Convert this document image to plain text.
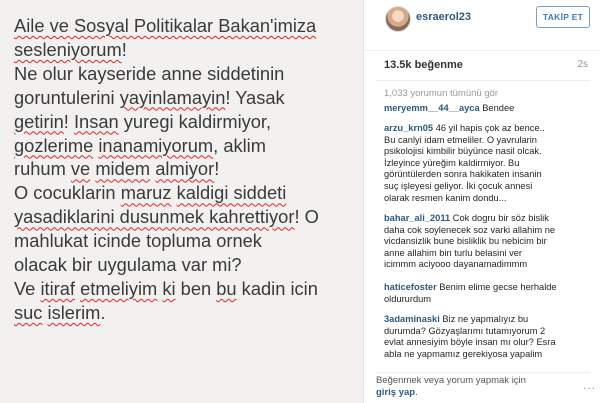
Aile ve Sosyal Politikalar Bakan'imiza
sesleniyorum!
Ne olur kayseride anne siddetinin
goruntulerini yayinlamayin! Yasak
getirin! Insan yuregi kaldirmiyor,
gozlerime inanamiyorum, aklim
ruhum ve midem almiyor!
O cocuklarin maruz kaldigi siddeti
yasadiklarini dusunmek kahrettiyor! O
mahlukat icinde topluma ornek
olacak bir uygulama var mi?
Ve itiraf etmeliyim ki ben bu kadin icin
suc islerim.
esraerol23	TAKİP ET
13.5k beğenme	2s
1,033 yorumun tümünü gör
meryemm__44__ayca Bendee
arzu_krn05 46 yil hapis çok az bence..
Bu canlyi idam etmeliler. O yavrularin
psikolojisi kimbilir büyünce nasil olcak.
İzleyince yüreğim kaldirmiyor. Bu
görüntülerden sonra hakikaten insanin
suç işleyesi geliyor. İki çocuk annesi
olarak resmen kanim dondu...
bahar_ali_2011 Cok dogru bir söz bislik
daha cok soylenecek soz varki allahim ne
vicdansizlik bune bisliklik bu nebicim bir
anne allahim bin turlu belasini ver
icimmm aciyooo dayanamadimmm
haticefoster Benim elime gecse herhalde
oldururdum
3adaminaski Biz ne yapmalıyız bu
durumda? Gözyaşlarımı tutamıyorum 2
evlat annesiyim böyle insan mı olur? Esra
abla ne yapmamız gerekiyosa yapalim
Beğenmek veya yorum yapmak için
giriş yap.	...
